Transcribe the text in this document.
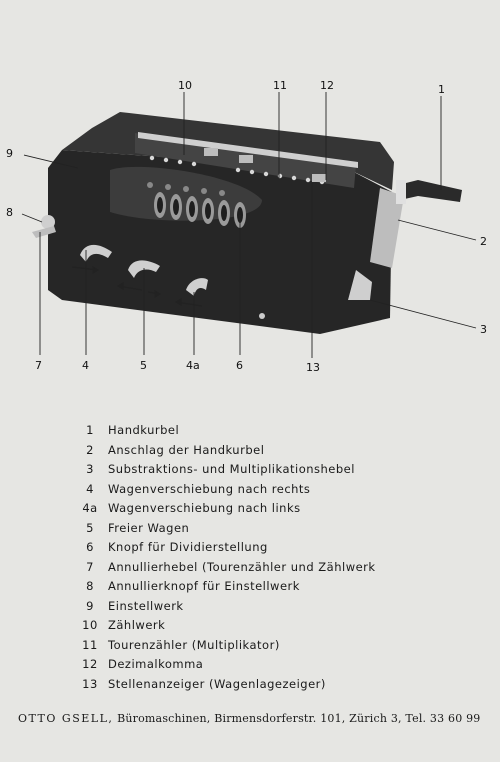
10	11	12	1
9
8
2
3
7	4	5	4a	6	13
1 Handkurbel
2 Anschlag der Handkurbel
3 Substraktions- und Multiplikationshebel
4 Wagenverschiebung nach rechts
4a Wagenverschiebung nach links
5 Freier Wagen
6 Knopf für Dividierstellung
7 Annullierhebel (Tourenzähler und Zählwerk
8 Annullierknopf für Einstellwerk
9 Einstellwerk
10 Zählwerk
11 Tourenzähler (Multiplikator)
12 Dezimalkomma
13 Stellenanzeiger (Wagenlagezeiger)
OTTO GSELL, Büromaschinen, Birmensdorferstr. 101, Zürich 3, Tel. 33 60 99
